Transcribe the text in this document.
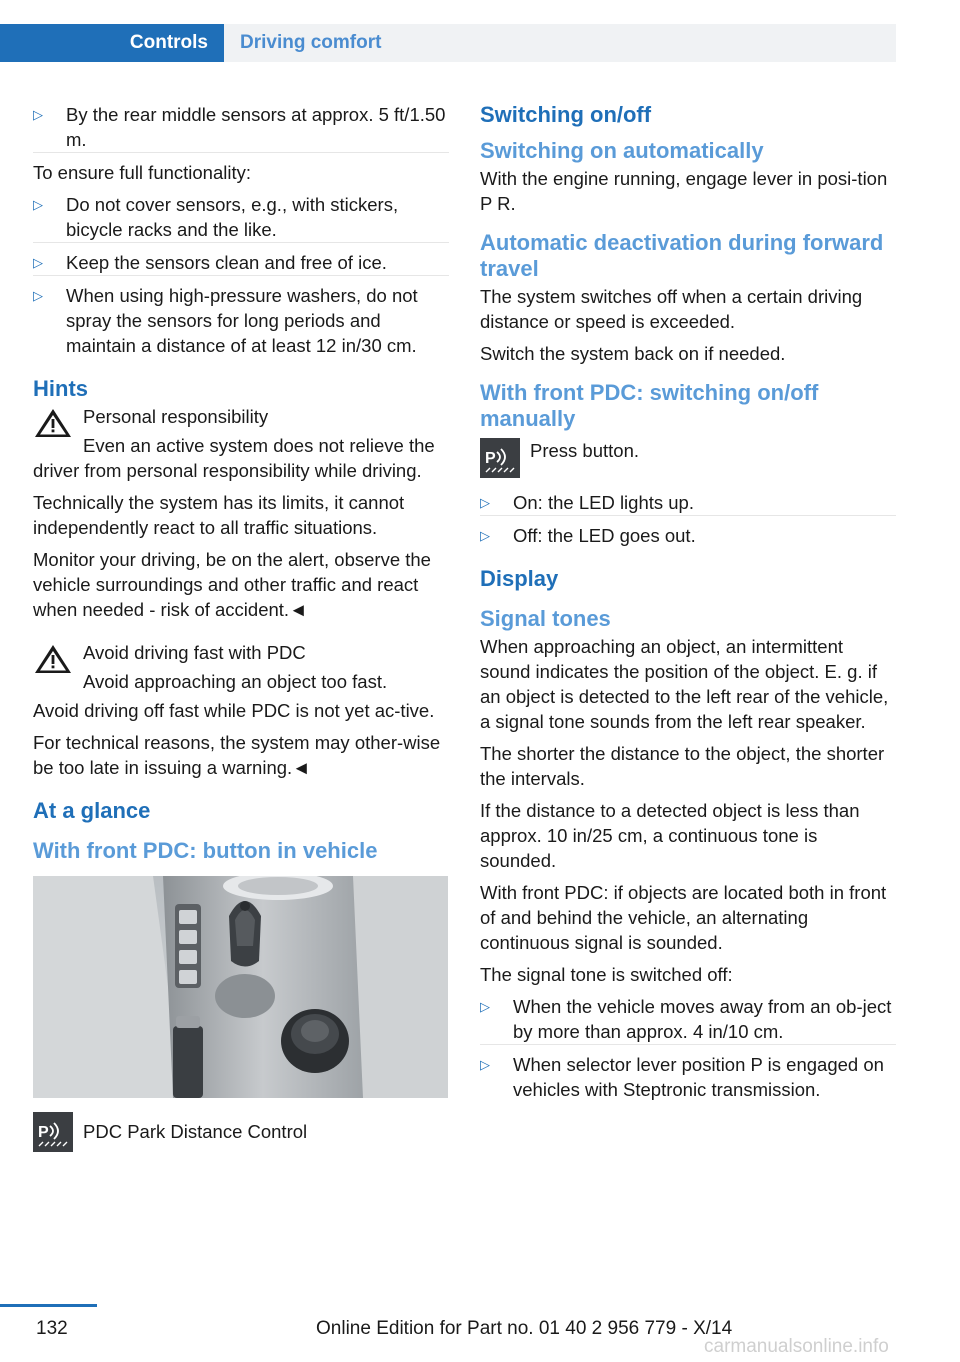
Controls	Driving comfort
▷ By the rear middle sensors at approx. 5 ft/1.50 m.

To ensure full functionality:

▷ Do not cover sensors, e.g., with stickers, bicycle racks and the like.
▷ Keep the sensors clean and free of ice.
▷ When using high-pressure washers, do not spray the sensors for long periods and maintain a distance of at least 12 in/30 cm.
Hints

Personal responsibility

Even an active system does not relieve the driver from personal responsibility while driving.

Technically the system has its limits, it cannot independently react to all traffic situations.

Monitor your driving, be on the alert, observe the vehicle surroundings and other traffic and react when needed - risk of accident.◄

Avoid driving fast with PDC

Avoid approaching an object too fast.

Avoid driving off fast while PDC is not yet ac‐tive.

For technical reasons, the system may other‐wise be too late in issuing a warning.◄

At a glance
With front PDC: button in vehicle
P PDC Park Distance Control

Switching on/off
Switching on automatically

With the engine running, engage lever in posi‐tion P R.

Automatic deactivation during forward travel

The system switches off when a certain driving distance or speed is exceeded.

Switch the system back on if needed.

With front PDC: switching on/off manually
P Press button.

▷ On: the LED lights up.
▷ Off: the LED goes out.
Display
Signal tones

When approaching an object, an intermittent sound indicates the position of the object. E. g. if an object is detected to the left rear of the vehicle, a signal tone sounds from the left rear speaker.

The shorter the distance to the object, the shorter the intervals.

If the distance to a detected object is less than approx. 10 in/25 cm, a continuous tone is sounded.

With front PDC: if objects are located both in front of and behind the vehicle, an alternating continuous signal is sounded.

The signal tone is switched off:

▷ When the vehicle moves away from an ob‐ject by more than approx. 4 in/10 cm.
▷ When selector lever position P is engaged on vehicles with Steptronic transmission.
132	Online Edition for Part no. 01 40 2 956 779 - X/14
carmanualsonline.info
